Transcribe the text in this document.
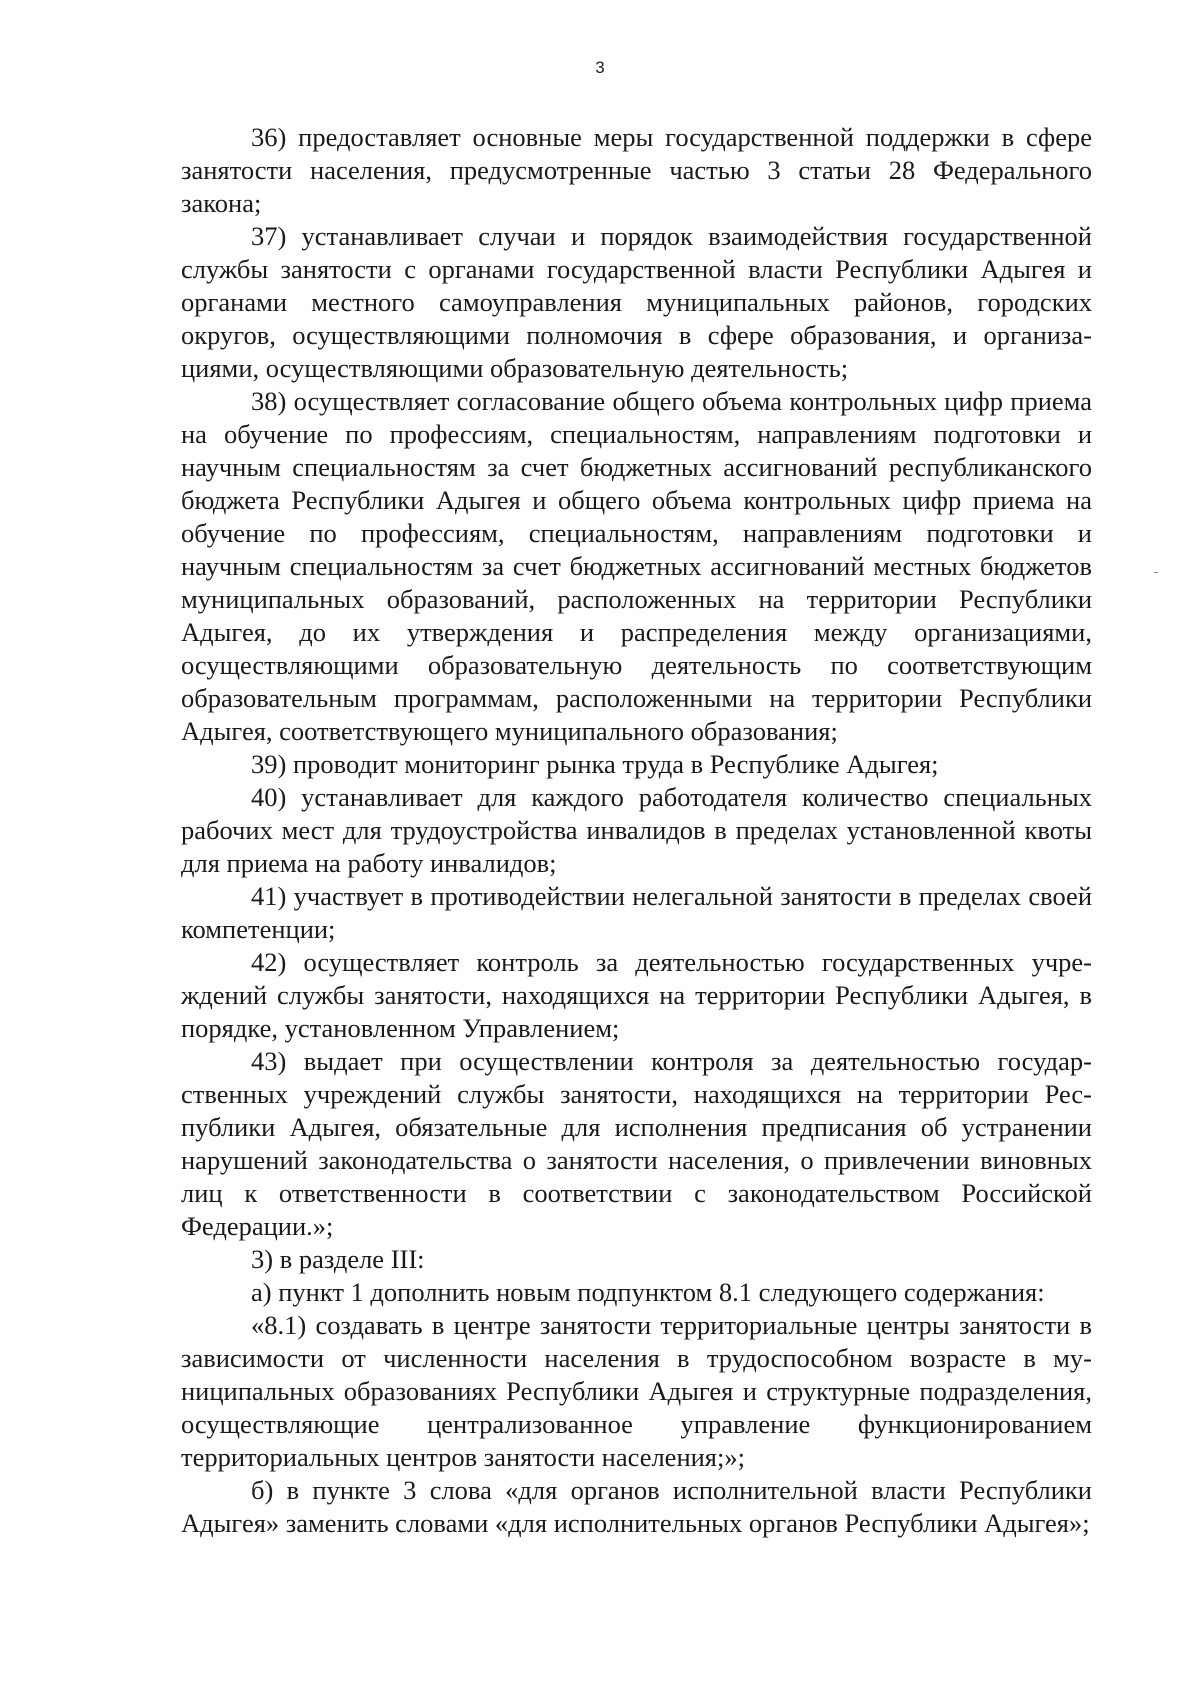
3

36) предоставляет основные меры государственной поддержки в сфере занятости населения, предусмотренные частью 3 статьи 28 Федерального закона;

37) устанавливает случаи и порядок взаимодействия государственной службы занятости с органами государственной власти Республики Адыгея и органами местного самоуправления муниципальных районов, городских округов, осуществляющими полномочия в сфере образования, и организациями, осуществляющими образовательную деятельность;

38) осуществляет согласование общего объема контрольных цифр приема на обучение по профессиям, специальностям, направлениям подготовки и научным специальностям за счет бюджетных ассигнований республиканского бюджета Республики Адыгея и общего объема контрольных цифр приема на обучение по профессиям, специальностям, направлениям подготовки и научным специальностям за счет бюджетных ассигнований местных бюджетов муниципальных образований, расположенных на территории Республики Адыгея, до их утверждения и распределения между организациями, осуществляющими образовательную деятельность по соответствующим образовательным программам, расположенными на территории Республики Адыгея, соответствующего муниципального образования;

39) проводит мониторинг рынка труда в Республике Адыгея;

40) устанавливает для каждого работодателя количество специальных рабочих мест для трудоустройства инвалидов в пределах установленной квоты для приема на работу инвалидов;

41) участвует в противодействии нелегальной занятости в пределах своей компетенции;

42) осуществляет контроль за деятельностью государственных учреждений службы занятости, находящихся на территории Республики Адыгея, в порядке, установленном Управлением;

43) выдает при осуществлении контроля за деятельностью государственных учреждений службы занятости, находящихся на территории Республики Адыгея, обязательные для исполнения предписания об устранении нарушений законодательства о занятости населения, о привлечении виновных лиц к ответственности в соответствии с законодательством Российской Федерации.»;

3) в разделе III:

а) пункт 1 дополнить новым подпунктом 8.1 следующего содержания:

«8.1) создавать в центре занятости территориальные центры занятости в зависимости от численности населения в трудоспособном возрасте в муниципальных образованиях Республики Адыгея и структурные подразделения, осуществляющие централизованное управление функционированием территориальных центров занятости населения;»;

б) в пункте 3 слова «для органов исполнительной власти Республики Адыгея» заменить словами «для исполнительных органов Республики Адыгея»;
